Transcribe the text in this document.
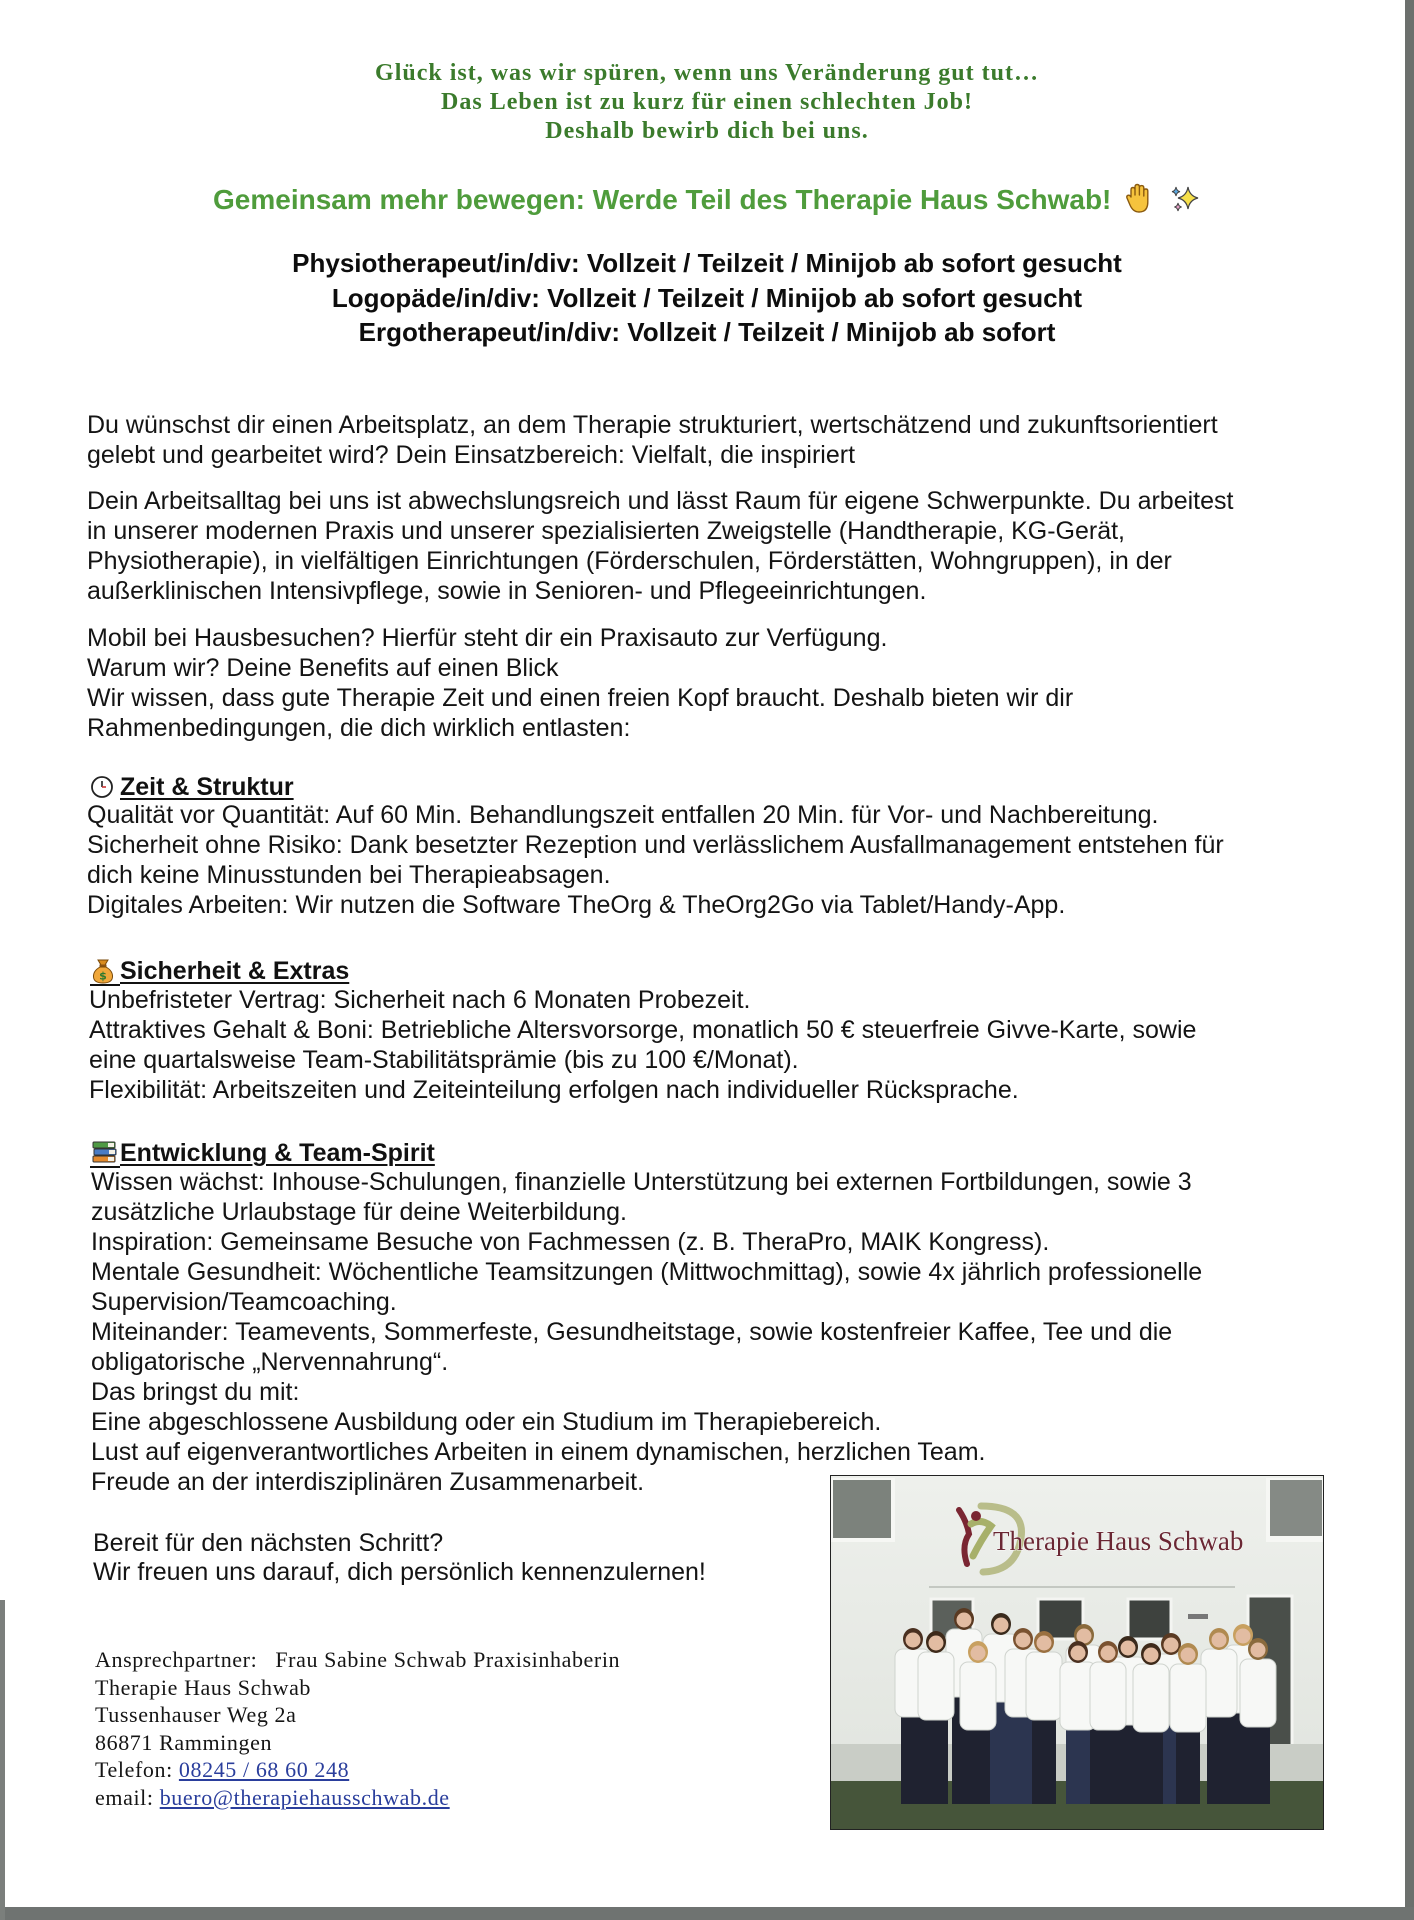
Glück ist, was wir spüren, wenn uns Veränderung gut tut…
Das Leben ist zu kurz für einen schlechten Job!
Deshalb bewirb dich bei uns.
Gemeinsam mehr bewegen: Werde Teil des Therapie Haus Schwab!
Physiotherapeut/in/div: Vollzeit / Teilzeit / Minijob ab sofort gesucht
Logopäde/in/div: Vollzeit / Teilzeit / Minijob ab sofort gesucht
Ergotherapeut/in/div: Vollzeit / Teilzeit / Minijob ab sofort
Du wünschst dir einen Arbeitsplatz, an dem Therapie strukturiert, wertschätzend und zukunftsorientiert
gelebt und gearbeitet wird? Dein Einsatzbereich: Vielfalt, die inspiriert
Dein Arbeitsalltag bei uns ist abwechslungsreich und lässt Raum für eigene Schwerpunkte. Du arbeitest
in unserer modernen Praxis und unserer spezialisierten Zweigstelle (Handtherapie, KG-Gerät,
Physiotherapie), in vielfältigen Einrichtungen (Förderschulen, Förderstätten, Wohngruppen), in der
außerklinischen Intensivpflege, sowie in Senioren- und Pflegeeinrichtungen.
Mobil bei Hausbesuchen? Hierfür steht dir ein Praxisauto zur Verfügung.
Warum wir? Deine Benefits auf einen Blick
Wir wissen, dass gute Therapie Zeit und einen freien Kopf braucht. Deshalb bieten wir dir
Rahmenbedingungen, die dich wirklich entlasten:
Zeit & Struktur
Qualität vor Quantität: Auf 60 Min. Behandlungszeit entfallen 20 Min. für Vor- und Nachbereitung.
Sicherheit ohne Risiko: Dank besetzter Rezeption und verlässlichem Ausfallmanagement entstehen für
dich keine Minusstunden bei Therapieabsagen.
Digitales Arbeiten: Wir nutzen die Software TheOrg & TheOrg2Go via Tablet/Handy-App.
$ Sicherheit & Extras
Unbefristeter Vertrag: Sicherheit nach 6 Monaten Probezeit.
Attraktives Gehalt & Boni: Betriebliche Altersvorsorge, monatlich 50 € steuerfreie Givve-Karte, sowie
eine quartalsweise Team-Stabilitätsprämie (bis zu 100 €/Monat).
Flexibilität: Arbeitszeiten und Zeiteinteilung erfolgen nach individueller Rücksprache.
Entwicklung & Team-Spirit
Wissen wächst: Inhouse-Schulungen, finanzielle Unterstützung bei externen Fortbildungen, sowie 3
zusätzliche Urlaubstage für deine Weiterbildung.
Inspiration: Gemeinsame Besuche von Fachmessen (z. B. TheraPro, MAIK Kongress).
Mentale Gesundheit: Wöchentliche Teamsitzungen (Mittwochmittag), sowie 4x jährlich professionelle
Supervision/Teamcoaching.
Miteinander: Teamevents, Sommerfeste, Gesundheitstage, sowie kostenfreier Kaffee, Tee und die
obligatorische „Nervennahrung“.
Das bringst du mit:
Eine abgeschlossene Ausbildung oder ein Studium im Therapiebereich.
Lust auf eigenverantwortliches Arbeiten in einem dynamischen, herzlichen Team.
Freude an der interdisziplinären Zusammenarbeit.
Bereit für den nächsten Schritt?
Wir freuen uns darauf, dich persönlich kennenzulernen!
Ansprechpartner: Frau Sabine Schwab Praxisinhaberin
Therapie Haus Schwab
Tussenhauser Weg 2a
86871 Rammingen
Telefon: 08245 / 68 60 248
email: buero@therapiehausschwab.de
Therapie Haus Schwab
